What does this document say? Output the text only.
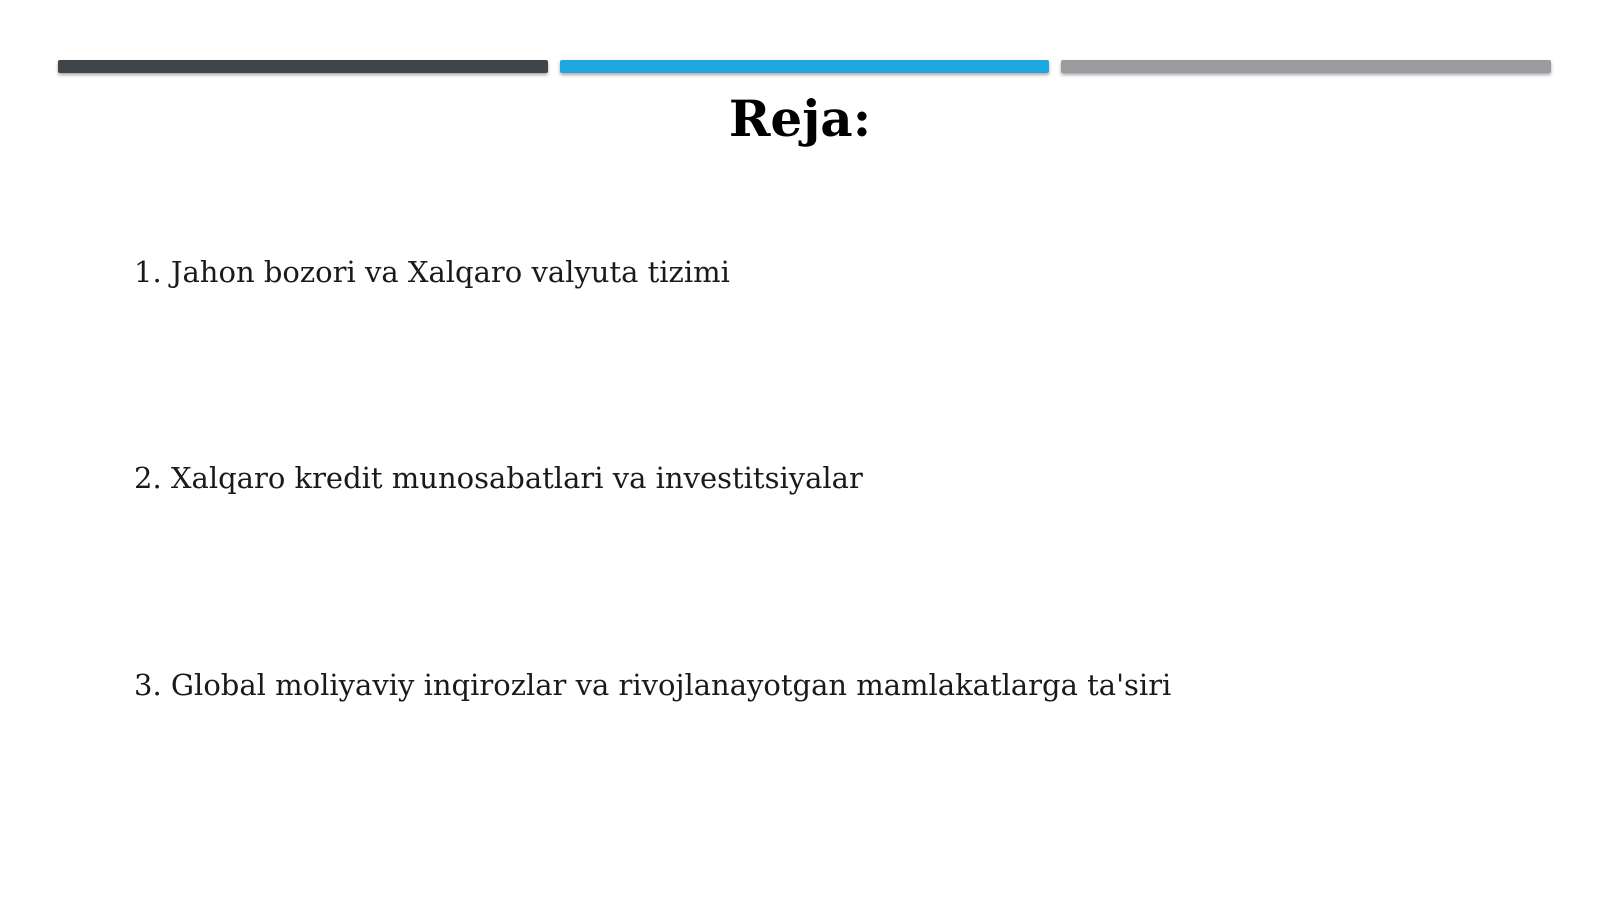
Reja:
1. Jahon bozori va Xalqaro valyuta tizimi
2. Xalqaro kredit munosabatlari va investitsiyalar
3. Global moliyaviy inqirozlar va rivojlanayotgan mamlakatlarga ta'siri
